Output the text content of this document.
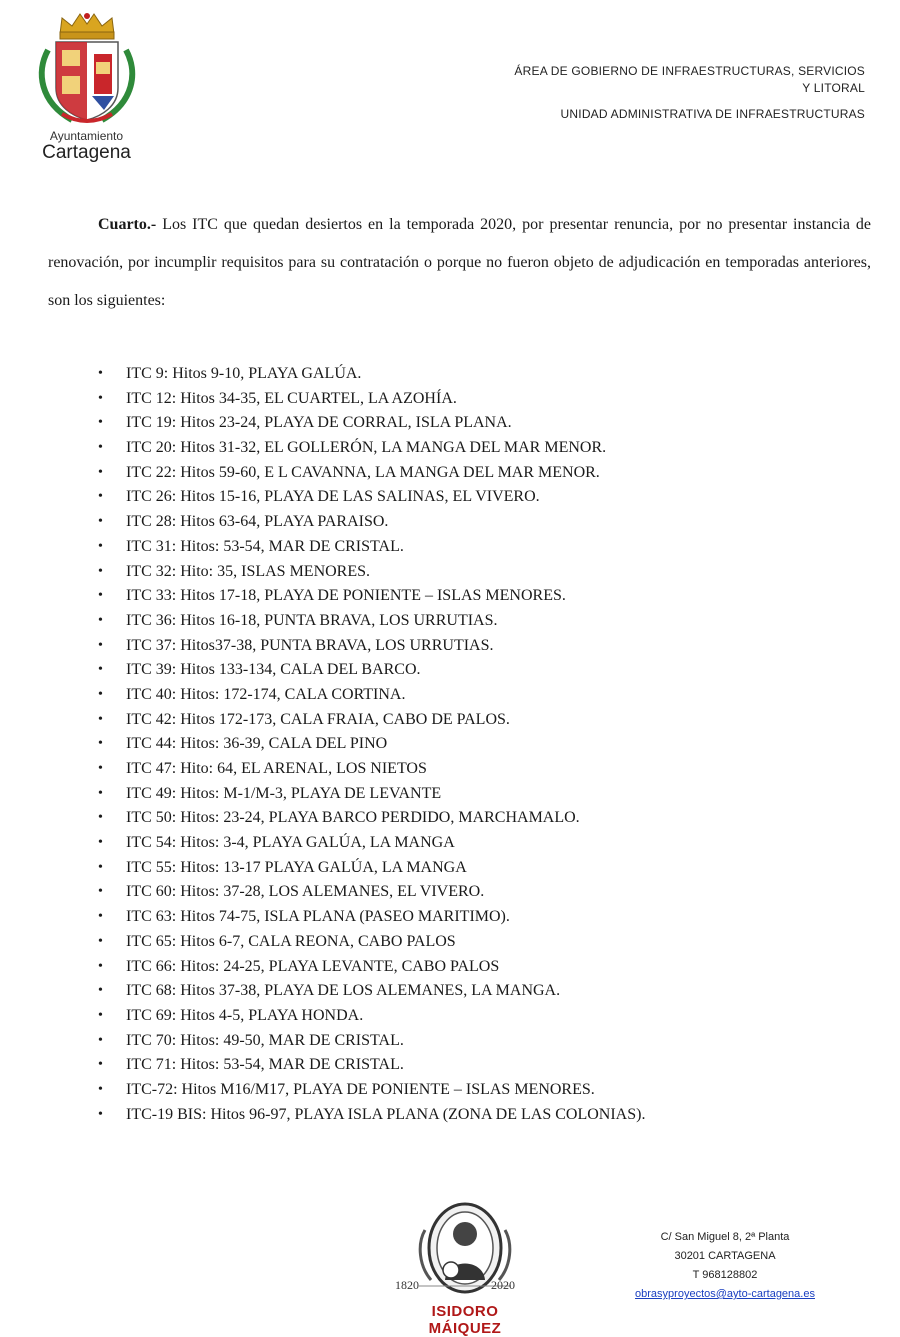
Ayuntamiento
Cartagena
ÁREA DE GOBIERNO DE INFRAESTRUCTURAS, SERVICIOS
Y LITORAL
UNIDAD ADMINISTRATIVA DE INFRAESTRUCTURAS

Cuarto.- Los ITC que quedan desiertos en la temporada 2020, por presentar renuncia, por no presentar instancia de renovación, por incumplir requisitos para su contratación o porque no fueron objeto de adjudicación en temporadas anteriores, son los siguientes:

• ITC 9: Hitos 9-10, PLAYA GALÚA.
• ITC 12: Hitos 34-35, EL CUARTEL, LA AZOHÍA.
• ITC 19: Hitos 23-24, PLAYA DE CORRAL, ISLA PLANA.
• ITC 20: Hitos 31-32, EL GOLLERÓN, LA MANGA DEL MAR MENOR.
• ITC 22: Hitos 59-60, E L CAVANNA, LA MANGA DEL MAR MENOR.
• ITC 26: Hitos 15-16, PLAYA DE LAS SALINAS, EL VIVERO.
• ITC 28: Hitos 63-64, PLAYA PARAISO.
• ITC 31: Hitos: 53-54, MAR DE CRISTAL.
• ITC 32: Hito: 35, ISLAS MENORES.
• ITC 33: Hitos 17-18, PLAYA DE PONIENTE – ISLAS MENORES.
• ITC 36: Hitos 16-18, PUNTA BRAVA, LOS URRUTIAS.
• ITC 37: Hitos37-38, PUNTA BRAVA, LOS URRUTIAS.
• ITC 39: Hitos 133-134, CALA DEL BARCO.
• ITC 40: Hitos: 172-174, CALA CORTINA.
• ITC 42: Hitos 172-173, CALA FRAIA, CABO DE PALOS.
• ITC 44: Hitos: 36-39, CALA DEL PINO
• ITC 47: Hito: 64, EL ARENAL, LOS NIETOS
• ITC 49: Hitos: M-1/M-3, PLAYA DE LEVANTE
• ITC 50: Hitos: 23-24, PLAYA BARCO PERDIDO, MARCHAMALO.
• ITC 54: Hitos: 3-4, PLAYA GALÚA, LA MANGA
• ITC 55: Hitos: 13-17 PLAYA GALÚA, LA MANGA
• ITC 60: Hitos: 37-28, LOS ALEMANES, EL VIVERO.
• ITC 63: Hitos 74-75, ISLA PLANA (PASEO MARITIMO).
• ITC 65: Hitos 6-7, CALA REONA, CABO PALOS
• ITC 66: Hitos: 24-25, PLAYA LEVANTE, CABO PALOS
• ITC 68: Hitos 37-38, PLAYA DE LOS ALEMANES, LA MANGA.
• ITC 69: Hitos 4-5, PLAYA HONDA.
• ITC 70: Hitos: 49-50, MAR DE CRISTAL.
• ITC 71: Hitos: 53-54, MAR DE CRISTAL.
• ITC-72: Hitos M16/M17, PLAYA DE PONIENTE – ISLAS MENORES.
• ITC-19 BIS: Hitos 96-97, PLAYA ISLA PLANA (ZONA DE LAS COLONIAS).
1820	2020
ISIDORO MÁIQUEZ
C/ San Miguel 8, 2ª Planta
30201 CARTAGENA
T 968128802
obrasyproyectos@ayto-cartagena.es
